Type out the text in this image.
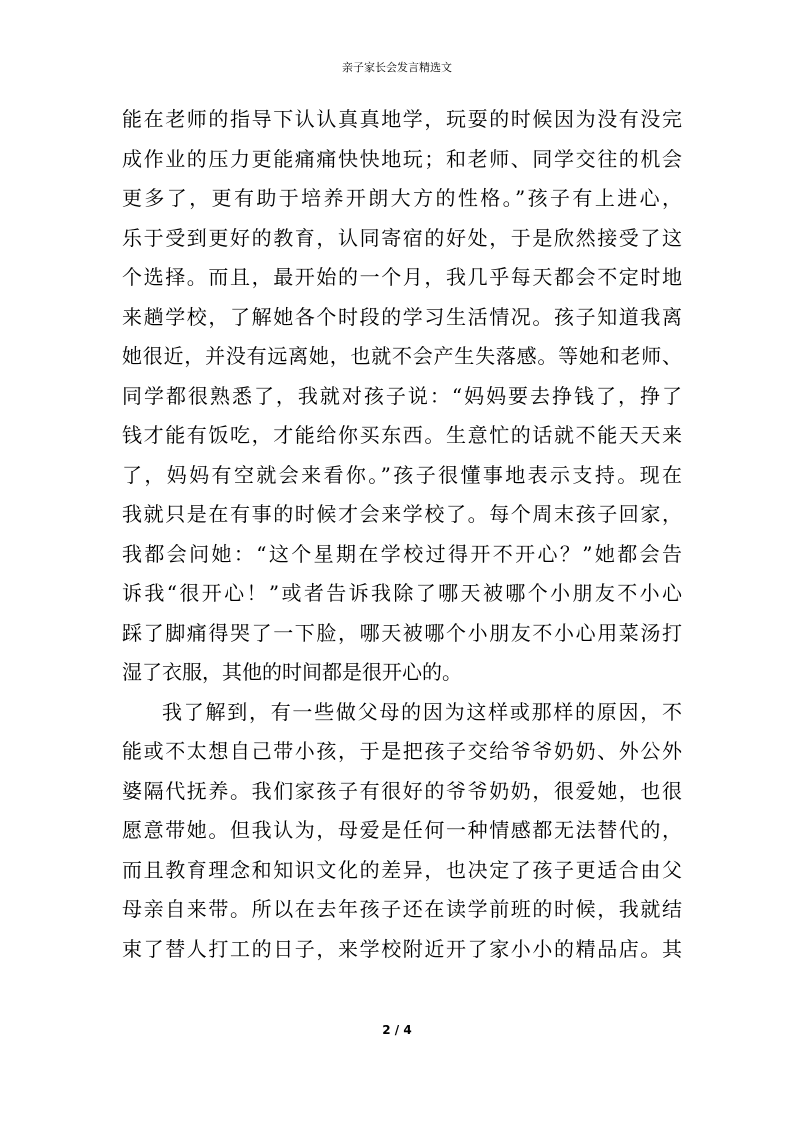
亲子家长会发言精选文
能在老师的指导下认认真真地学，玩耍的时候因为没有没完
成作业的压力更能痛痛快快地玩；和老师、同学交往的机会
更多了，更有助于培养开朗大方的性格。”孩子有上进心，
乐于受到更好的教育，认同寄宿的好处，于是欣然接受了这
个选择。而且，最开始的一个月，我几乎每天都会不定时地
来趟学校，了解她各个时段的学习生活情况。孩子知道我离
她很近，并没有远离她，也就不会产生失落感。等她和老师、
同学都很熟悉了，我就对孩子说：“妈妈要去挣钱了，挣了
钱才能有饭吃，才能给你买东西。生意忙的话就不能天天来
了，妈妈有空就会来看你。”孩子很懂事地表示支持。现在
我就只是在有事的时候才会来学校了。每个周末孩子回家，
我都会问她：“这个星期在学校过得开不开心？”她都会告
诉我“很开心！”或者告诉我除了哪天被哪个小朋友不小心
踩了脚痛得哭了一下脸，哪天被哪个小朋友不小心用菜汤打
湿了衣服，其他的时间都是很开心的。
我了解到，有一些做父母的因为这样或那样的原因，不
能或不太想自己带小孩，于是把孩子交给爷爷奶奶、外公外
婆隔代抚养。我们家孩子有很好的爷爷奶奶，很爱她，也很
愿意带她。但我认为，母爱是任何一种情感都无法替代的，
而且教育理念和知识文化的差异，也决定了孩子更适合由父
母亲自来带。所以在去年孩子还在读学前班的时候，我就结
束了替人打工的日子，来学校附近开了家小小的精品店。其
2 / 4
